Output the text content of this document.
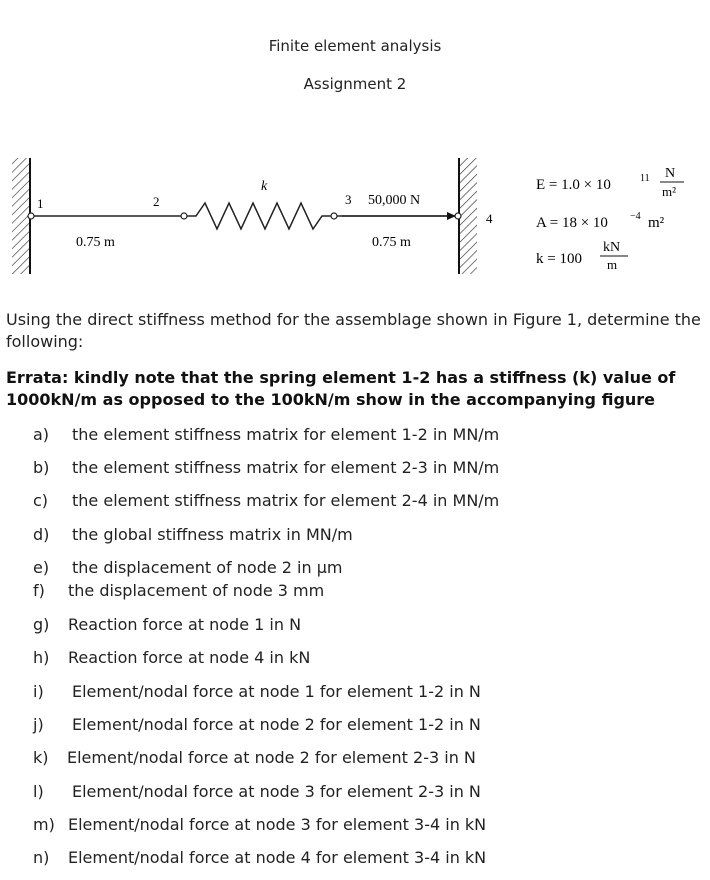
Finite element analysis
Assignment 2
1	2	3
4
k
50,000 N
0.75 m	0.75 m
E = 1.0 × 10	11 N
m²
A = 18 × 10 −4 m²
k = 100
kN
m
Using the direct stiffness method for the assemblage shown in Figure 1, determine the following:
Errata: kindly note that the spring element 1-2 has a stiffness (k) value of 1000kN/m as opposed to the 100kN/m show in the accompanying figure
a) the element stiffness matrix for element 1-2 in MN/m
b) the element stiffness matrix for element 2-3 in MN/m
c) the element stiffness matrix for element 2-4 in MN/m
d) the global stiffness matrix in MN/m
e) the displacement of node 2 in μm
f) the displacement of node 3 mm
g) Reaction force at node 1 in N
h) Reaction force at node 4 in kN
i) Element/nodal force at node 1 for element 1-2 in N
j) Element/nodal force at node 2 for element 1-2 in N
k) Element/nodal force at node 2 for element 2-3 in N
l) Element/nodal force at node 3 for element 2-3 in N
m) Element/nodal force at node 3 for element 3-4 in kN
n) Element/nodal force at node 4 for element 3-4 in kN
